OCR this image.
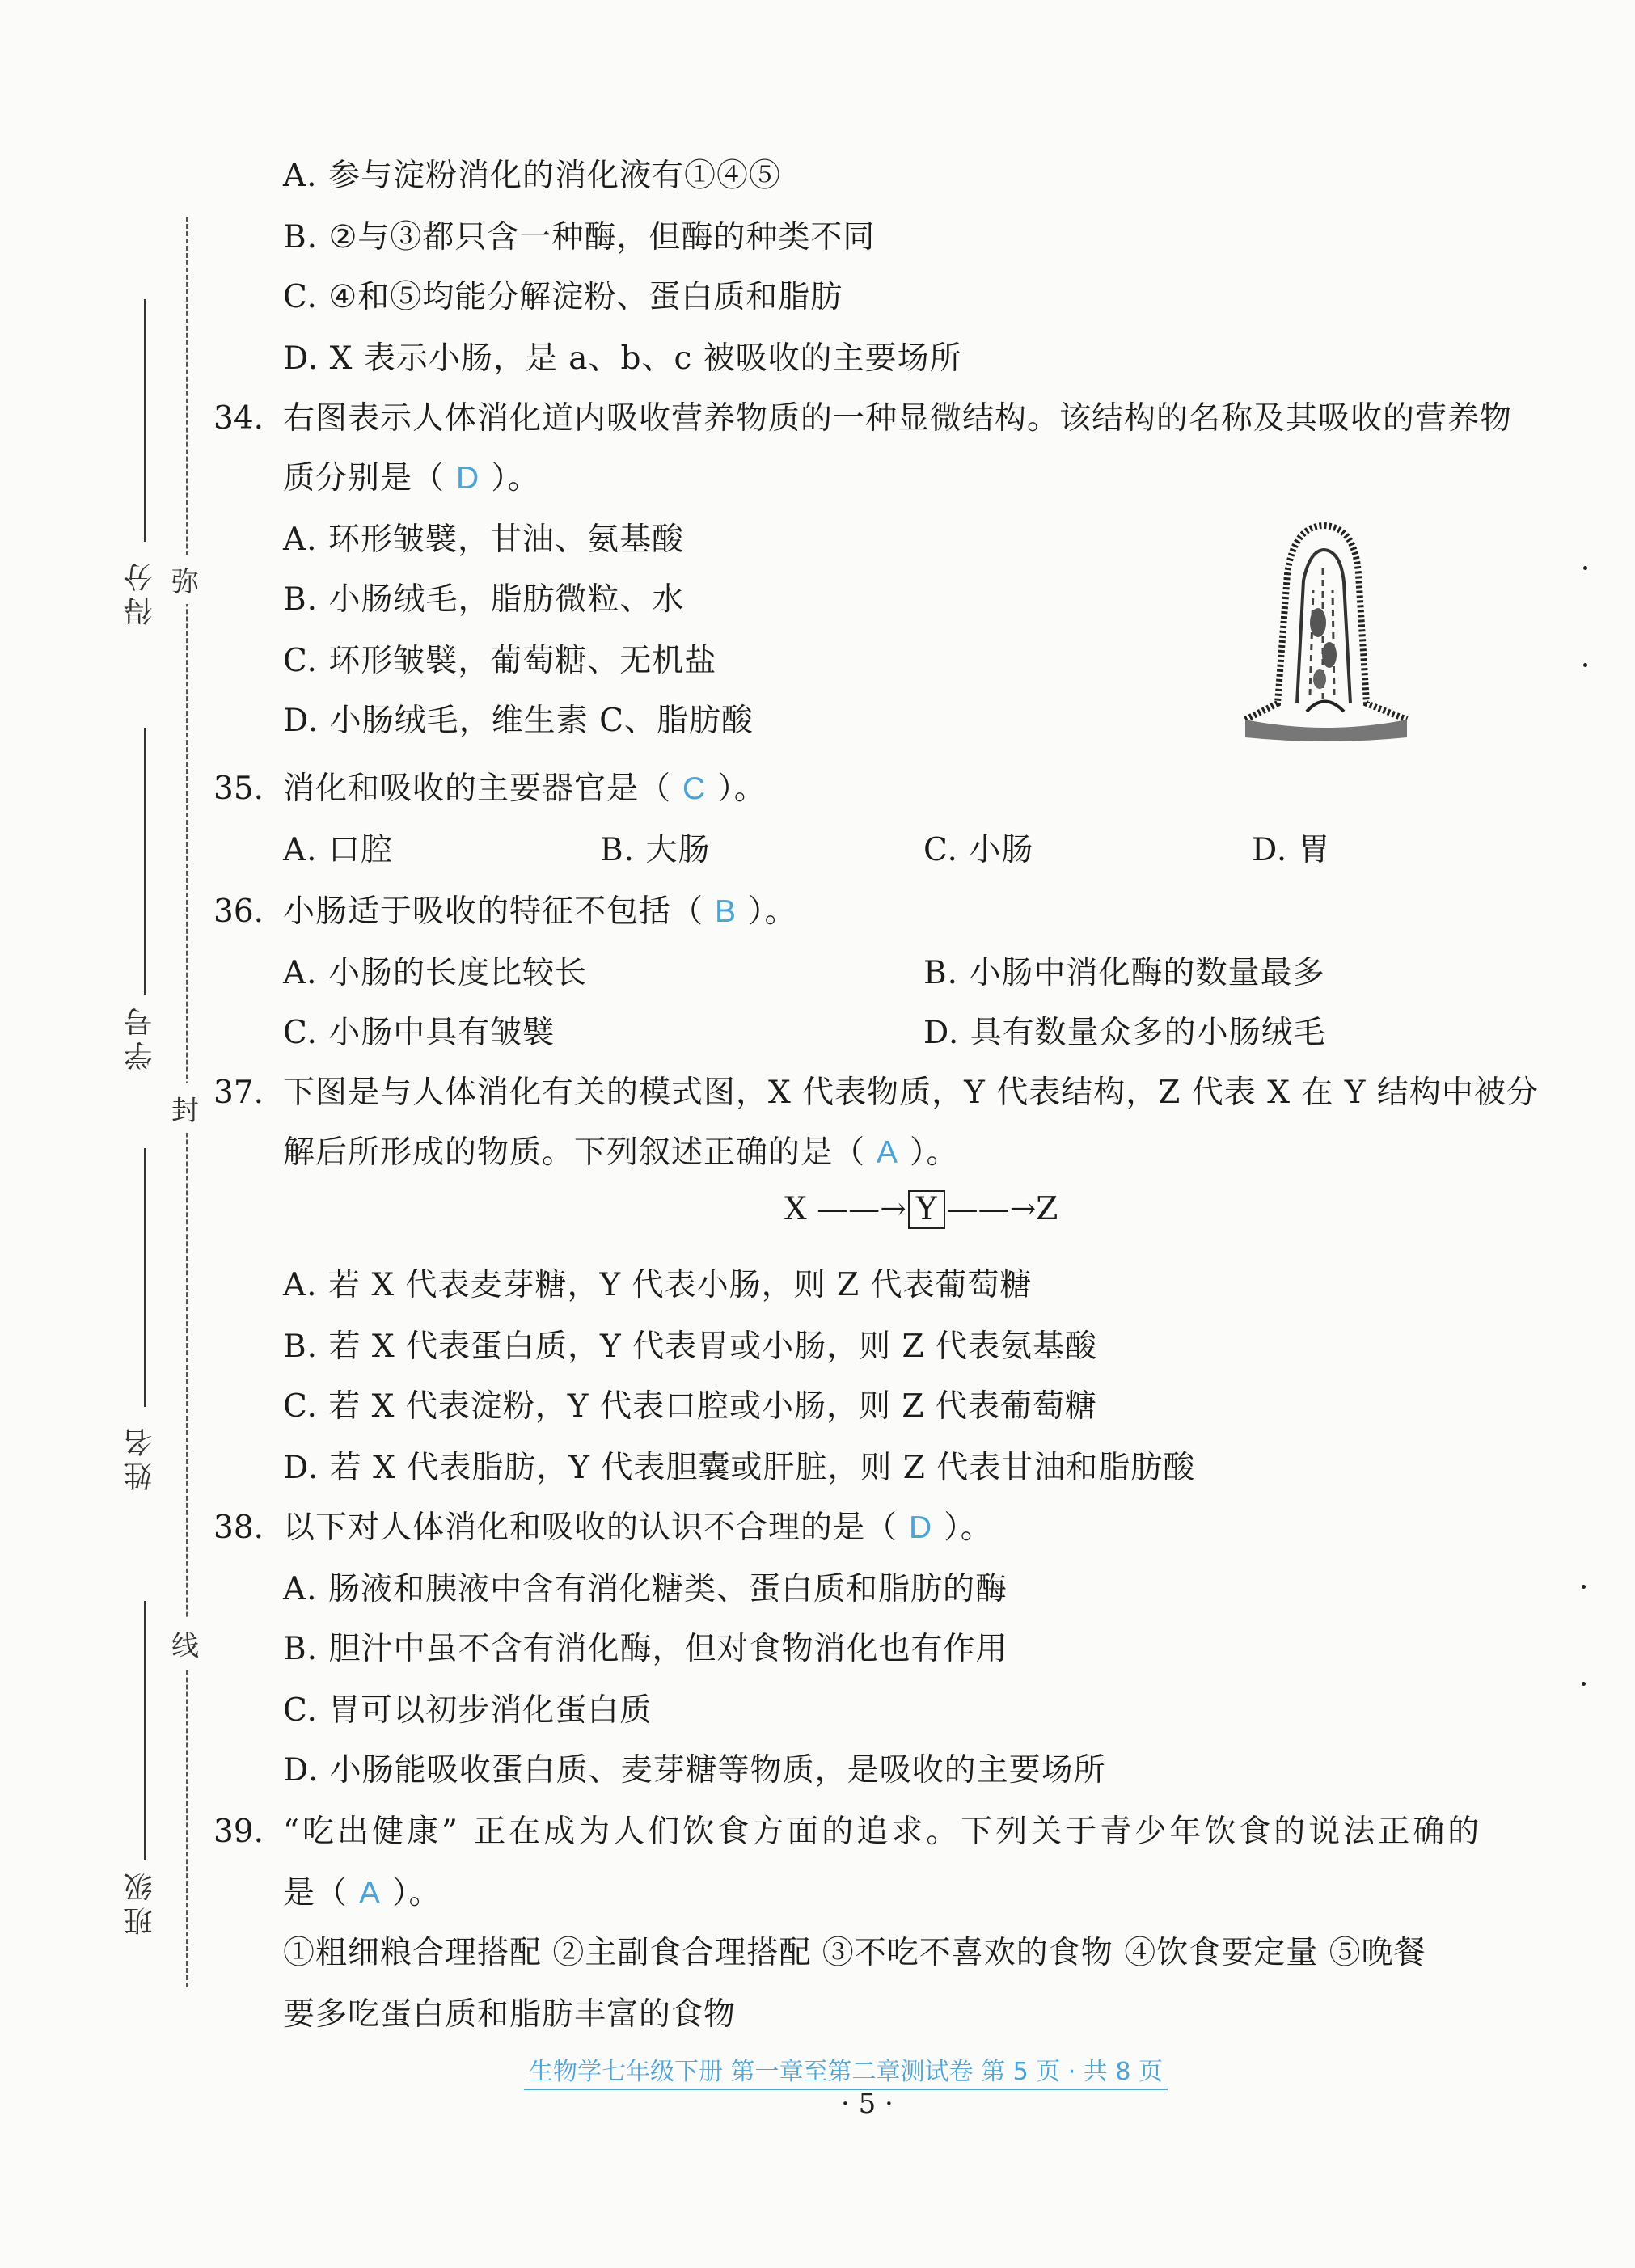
得分
学号
姓名
班级
弥
封
线
A. 参与淀粉消化的消化液有①④⑤
B. ②与③都只含一种酶，但酶的种类不同
C. ④和⑤均能分解淀粉、蛋白质和脂肪
D. X 表示小肠，是 a、b、c 被吸收的主要场所
34. 右图表示人体消化道内吸收营养物质的一种显微结构。该结构的名称及其吸收的营养物
质分别是（ D ）。
A. 环形皱襞，甘油、氨基酸
B. 小肠绒毛，脂肪微粒、水
C. 环形皱襞，葡萄糖、无机盐
D. 小肠绒毛，维生素 C、脂肪酸
35. 消化和吸收的主要器官是（ C ）。
A. 口腔	B. 大肠	C. 小肠	D. 胃
36. 小肠适于吸收的特征不包括（ B ）。
A. 小肠的长度比较长	B. 小肠中消化酶的数量最多
C. 小肠中具有皱襞	D. 具有数量众多的小肠绒毛
37. 下图是与人体消化有关的模式图，X 代表物质，Y 代表结构，Z 代表 X 在 Y 结构中被分
解后所形成的物质。下列叙述正确的是（ A ）。
X ——→ Y ——→Z
A. 若 X 代表麦芽糖，Y 代表小肠，则 Z 代表葡萄糖
B. 若 X 代表蛋白质，Y 代表胃或小肠，则 Z 代表氨基酸
C. 若 X 代表淀粉，Y 代表口腔或小肠，则 Z 代表葡萄糖
D. 若 X 代表脂肪，Y 代表胆囊或肝脏，则 Z 代表甘油和脂肪酸
38. 以下对人体消化和吸收的认识不合理的是（ D ）。
A. 肠液和胰液中含有消化糖类、蛋白质和脂肪的酶
B. 胆汁中虽不含有消化酶，但对食物消化也有作用
C. 胃可以初步消化蛋白质
D. 小肠能吸收蛋白质、麦芽糖等物质，是吸收的主要场所
39. “吃出健康” 正在成为人们饮食方面的追求。下列关于青少年饮食的说法正确的
是（ A ）。
①粗细粮合理搭配 ②主副食合理搭配 ③不吃不喜欢的食物 ④饮食要定量 ⑤晚餐
要多吃蛋白质和脂肪丰富的食物
生物学七年级下册 第一章至第二章测试卷 第 5 页 · 共 8 页
· 5 ·
